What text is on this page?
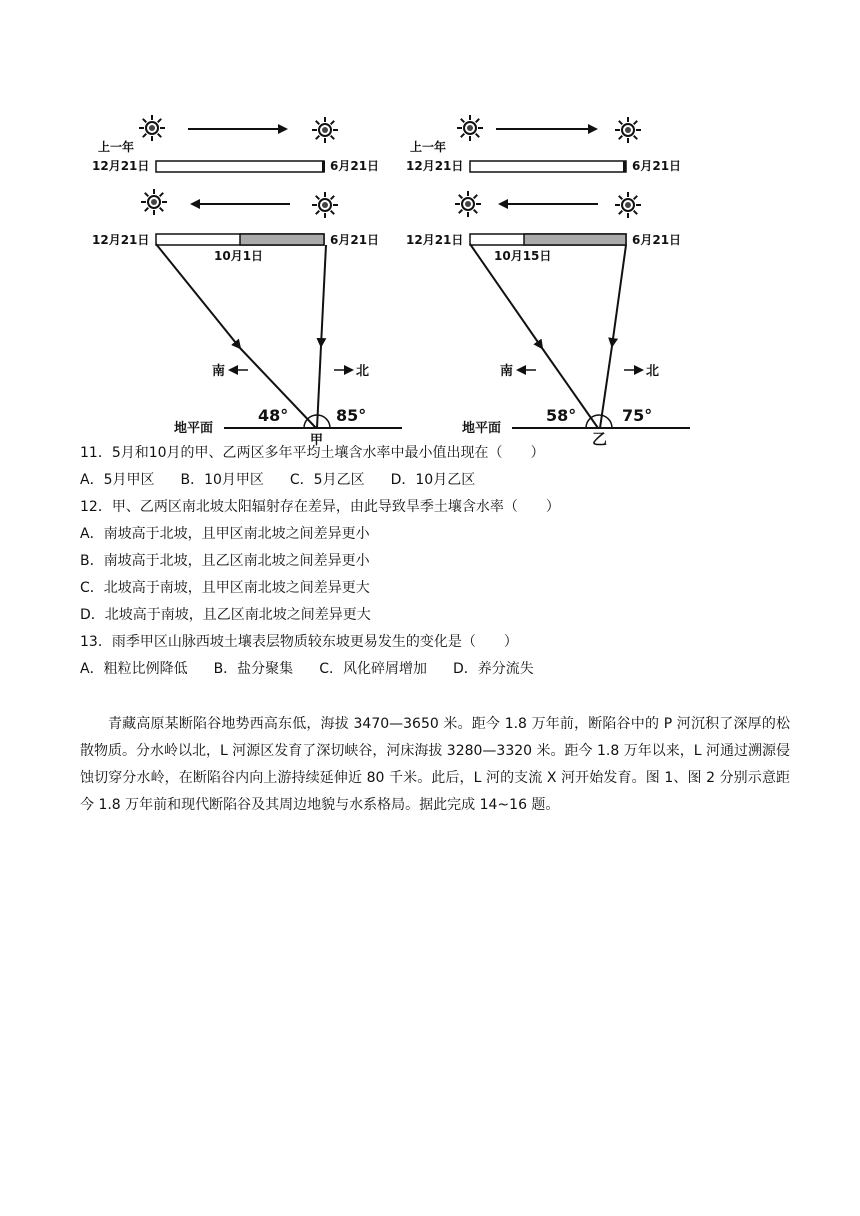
上一年
12月21日	6月21日
12月21日	6月21日
10月1日
南	北
48°	85°
地平面
甲
上一年
12月21日	6月21日
12月21日	6月21日
10月15日
南	北
58°	75°
地平面
乙
11．5月和10月的甲、乙两区多年平均土壤含水率中最小值出现在（　　）
A．5月甲区 B．10月甲区 C．5月乙区 D．10月乙区
12．甲、乙两区南北坡太阳辐射存在差异，由此导致旱季土壤含水率（　　）
A．南坡高于北坡，且甲区南北坡之间差异更小
B．南坡高于北坡，且乙区南北坡之间差异更小
C．北坡高于南坡，且甲区南北坡之间差异更大
D．北坡高于南坡，且乙区南北坡之间差异更大
13．雨季甲区山脉西坡土壤表层物质较东坡更易发生的变化是（　　）
A．粗粒比例降低 B．盐分聚集 C．风化碎屑增加 D．养分流失
青藏高原某断陷谷地势西高东低，海拔 3470—3650 米。距今 1.8 万年前，断陷谷中的 P 河沉积了深厚的松散物质。分水岭以北，L 河源区发育了深切峡谷，河床海拔 3280—3320 米。距今 1.8 万年以来，L 河通过溯源侵蚀切穿分水岭，在断陷谷内向上游持续延伸近 80 千米。此后，L 河的支流 X 河开始发育。图 1、图 2 分别示意距今 1.8 万年前和现代断陷谷及其周边地貌与水系格局。据此完成 14~16 题。
